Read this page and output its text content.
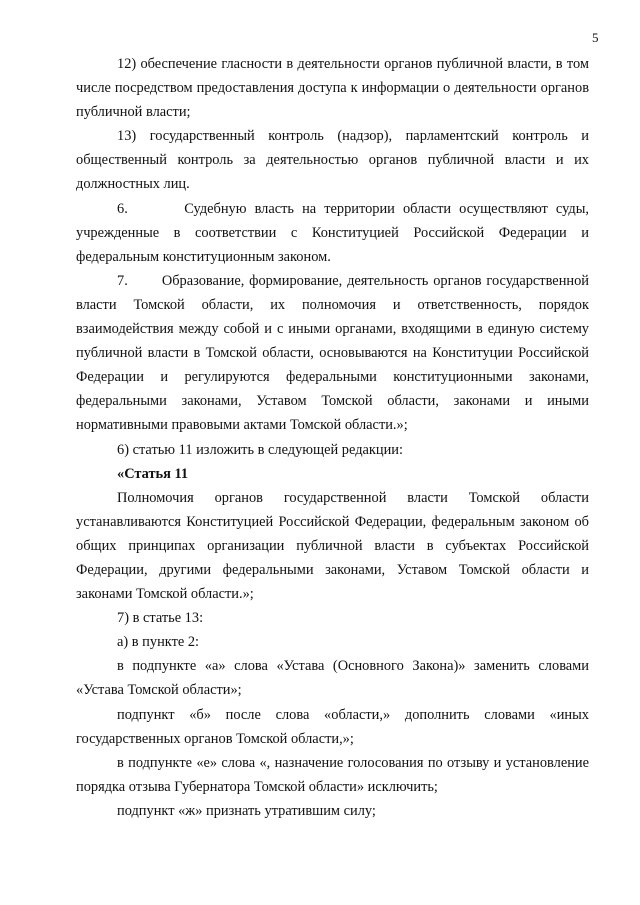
5

12) обеспечение гласности в деятельности органов публичной власти, в том числе посредством предоставления доступа к информации о деятельности органов публичной власти;

13) государственный контроль (надзор), парламентский контроль и общественный контроль за деятельностью органов публичной власти и их должностных лиц.

6.       Судебную власть на территории области осуществляют суды, учрежденные в соответствии с Конституцией Российской Федерации и федеральным конституционным законом.

7.       Образование, формирование, деятельность органов государственной власти Томской области, их полномочия и ответственность, порядок взаимодействия между собой и с иными органами, входящими в единую систему публичной власти в Томской области, основываются на Конституции Российской Федерации и регулируются федеральными конституционными законами, федеральными законами, Уставом Томской области, законами и иными нормативными правовыми актами Томской области.»;

6) статью 11 изложить в следующей редакции:

«Статья 11

Полномочия органов государственной власти Томской области устанавливаются Конституцией Российской Федерации, федеральным законом об общих принципах организации публичной власти в субъектах Российской Федерации, другими федеральными законами, Уставом Томской области и законами Томской области.»;

7) в статье 13:

а) в пункте 2:

в подпункте «а» слова «Устава (Основного Закона)» заменить словами «Устава Томской области»;

подпункт «б» после слова «области,» дополнить словами «иных государственных органов Томской области,»;

в подпункте «е» слова «, назначение голосования по отзыву и установление порядка отзыва Губернатора Томской области» исключить;

подпункт «ж» признать утратившим силу;
